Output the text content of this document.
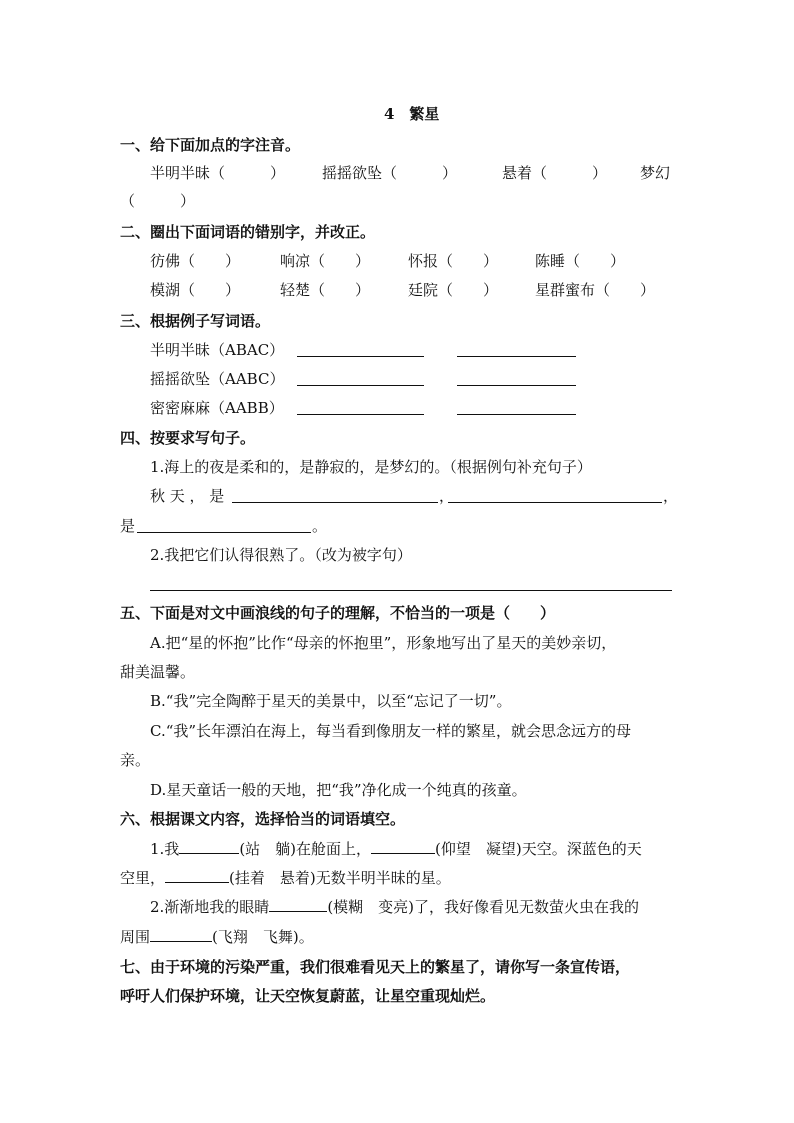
4　繁星
一、给下面加点的字注音。
半明半昧（　　　） 摇摇欲坠（　　　）	悬着（　　　） 梦幻
（　　　）
二、圈出下面词语的错别字，并改正。
彷佛（　　）	响凉（　　）	怀报（　　） 陈睡（　　）
模湖（　　）	轻楚（　　）	廷院（　　） 星群蜜布（　　）
三、根据例子写词语。
半明半昧（ABAC）
摇摇欲坠（AABC）
密密麻麻（AABB）
四、按要求写句子。
1.海上的夜是柔和的，是静寂的，是梦幻的。（根据例句补充句子）
秋 天 ， 是	，	，
是	。
2.我把它们认得很熟了。（改为被字句）
五、下面是对文中画浪线的句子的理解，不恰当的一项是（　　）
A.把“星的怀抱”比作“母亲的怀抱里”，形象地写出了星天的美妙亲切，
甜美温馨。
B.“我”完全陶醉于星天的美景中，以至“忘记了一切”。
C.“我”长年漂泊在海上，每当看到像朋友一样的繁星，就会思念远方的母
亲。
D.星天童话一般的天地，把“我”净化成一个纯真的孩童。
六、根据课文内容，选择恰当的词语填空。
1.我	(站　躺)在舱面上，	(仰望　凝望)天空。深蓝色的天
空里，	(挂着　悬着)无数半明半昧的星。
2.渐渐地我的眼睛	(模糊　变亮)了，我好像看见无数萤火虫在我的
周围	(飞翔　飞舞)。
七、由于环境的污染严重，我们很难看见天上的繁星了，请你写一条宣传语，
呼吁人们保护环境，让天空恢复蔚蓝，让星空重现灿烂。
